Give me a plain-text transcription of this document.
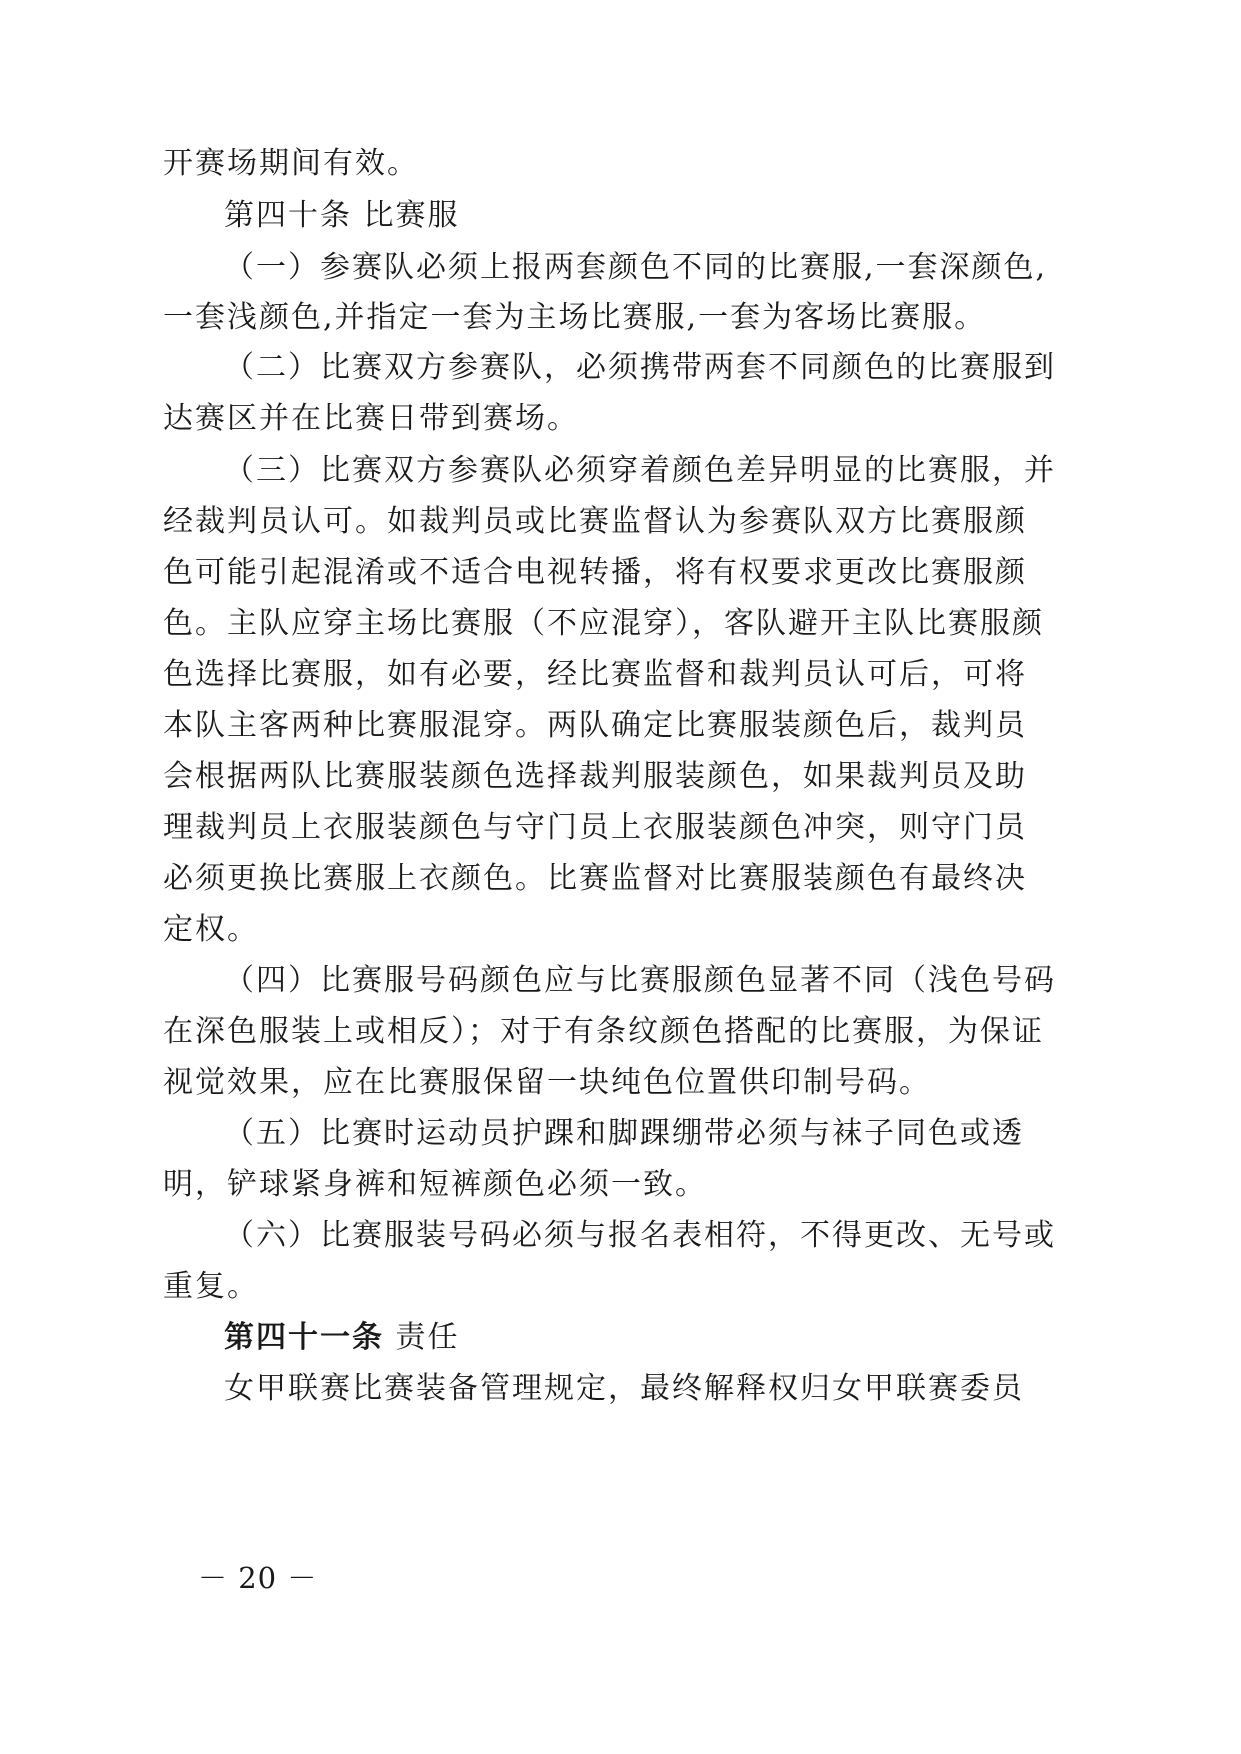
开赛场期间有效。
第四十条 比赛服
（一）参赛队必须上报两套颜色不同的比赛服,一套深颜色,
一套浅颜色,并指定一套为主场比赛服,一套为客场比赛服。
（二）比赛双方参赛队，必须携带两套不同颜色的比赛服到
达赛区并在比赛日带到赛场。
（三）比赛双方参赛队必须穿着颜色差异明显的比赛服，并
经裁判员认可。如裁判员或比赛监督认为参赛队双方比赛服颜
色可能引起混淆或不适合电视转播，将有权要求更改比赛服颜
色。主队应穿主场比赛服（不应混穿），客队避开主队比赛服颜
色选择比赛服，如有必要，经比赛监督和裁判员认可后，可将
本队主客两种比赛服混穿。两队确定比赛服装颜色后，裁判员
会根据两队比赛服装颜色选择裁判服装颜色，如果裁判员及助
理裁判员上衣服装颜色与守门员上衣服装颜色冲突，则守门员
必须更换比赛服上衣颜色。比赛监督对比赛服装颜色有最终决
定权。
（四）比赛服号码颜色应与比赛服颜色显著不同（浅色号码
在深色服装上或相反）；对于有条纹颜色搭配的比赛服，为保证
视觉效果，应在比赛服保留一块纯色位置供印制号码。
（五）比赛时运动员护踝和脚踝绷带必须与袜子同色或透
明，铲球紧身裤和短裤颜色必须一致。
（六）比赛服装号码必须与报名表相符，不得更改、无号或
重复。
第四十一条 责任
女甲联赛比赛装备管理规定，最终解释权归女甲联赛委员
－ 20 －
